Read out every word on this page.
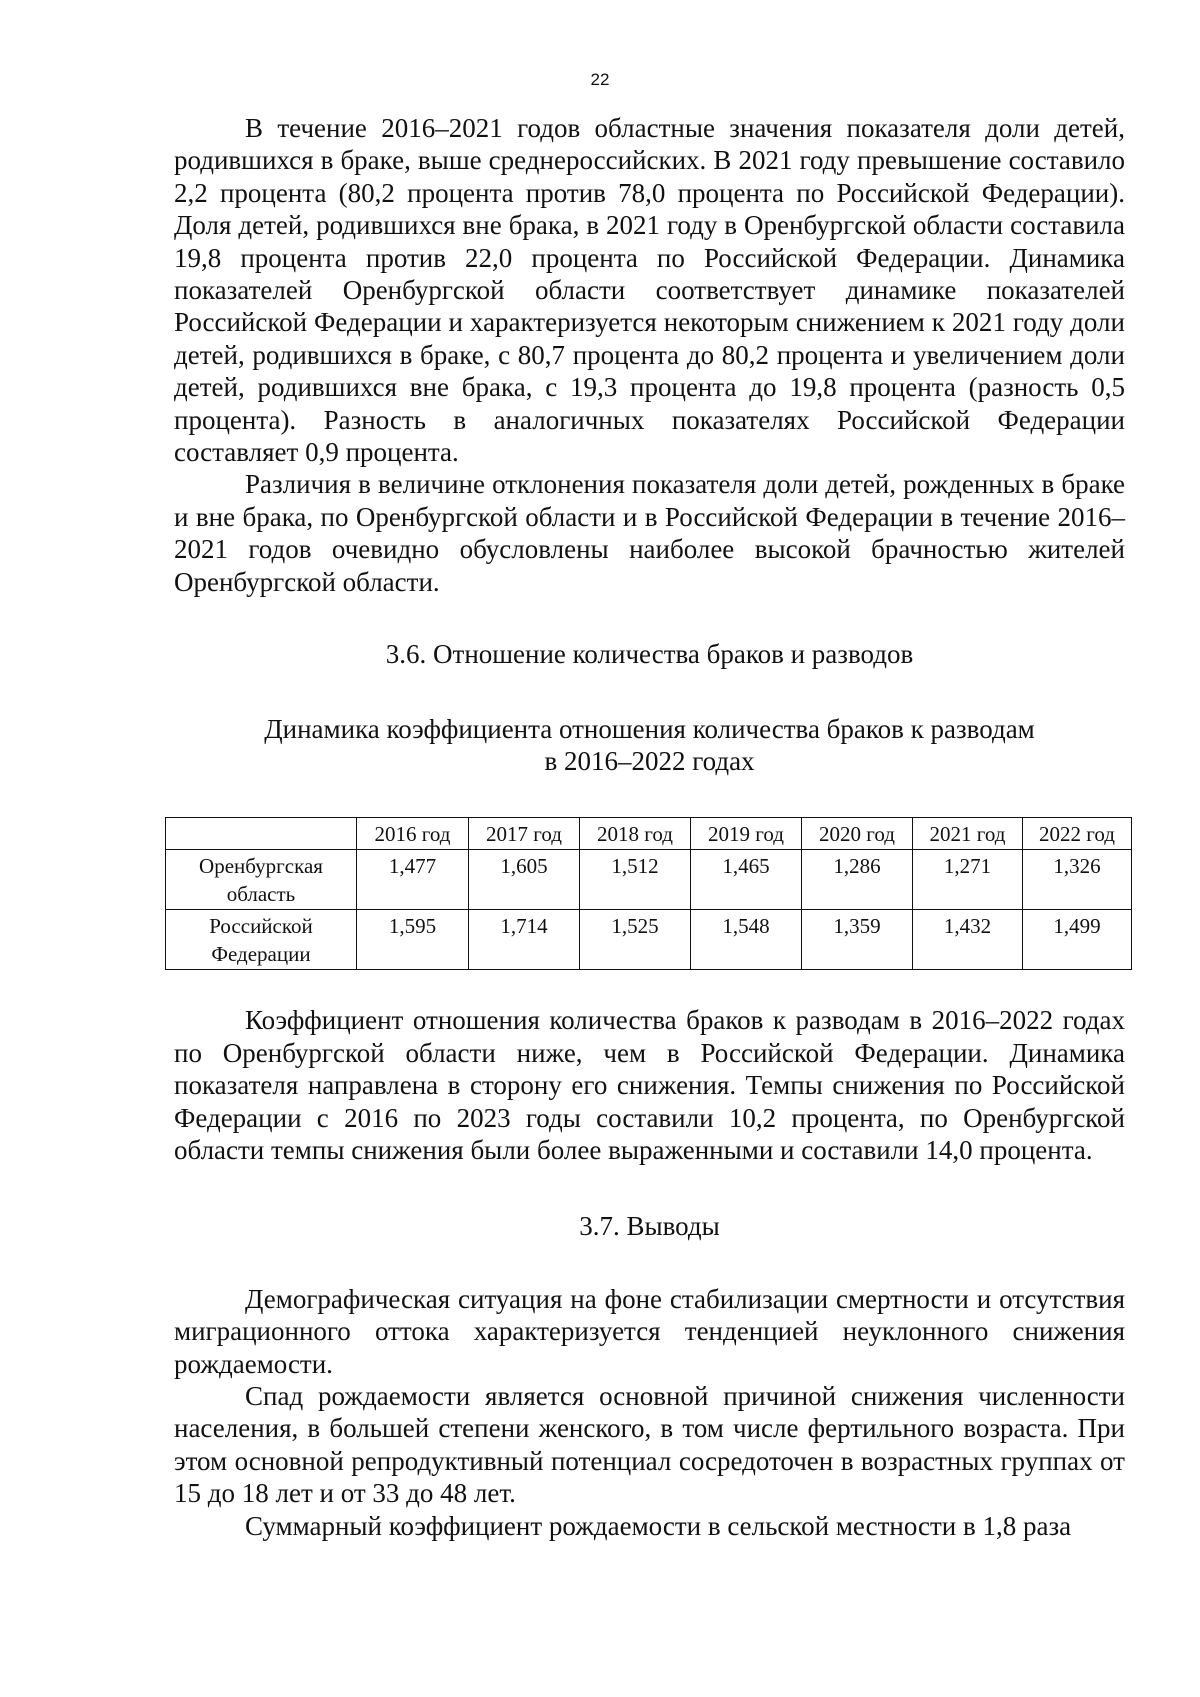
22

В течение 2016–2021 годов областные значения показателя доли детей, родившихся в браке, выше среднероссийских. В 2021 году превышение составило 2,2 процента (80,2 процента против 78,0 процента по Российской Федерации). Доля детей, родившихся вне брака, в 2021 году в Оренбургской области составила 19,8 процента против 22,0 процента по Российской Федерации. Динамика показателей Оренбургской области соответствует динамике показателей Российской Федерации и характеризуется некоторым снижением к 2021 году доли детей, родившихся в браке, с 80,7 процента до 80,2 процента и увеличением доли детей, родившихся вне брака, с 19,3 процента до 19,8 процента (разность 0,5 процента). Разность в аналогичных показателях Российской Федерации составляет 0,9 процента.

Различия в величине отклонения показателя доли детей, рожденных в браке и вне брака, по Оренбургской области и в Российской Федерации в течение 2016–2021 годов очевидно обусловлены наиболее высокой брачностью жителей Оренбургской области.

3.6. Отношение количества браков и разводов
Динамика коэффициента отношения количества браков к разводам
в 2016–2022 годах
	2016 год	2017 год	2018 год	2019 год	2020 год	2021 год	2022 год
Оренбургская область	1,477	1,605	1,512	1,465	1,286	1,271	1,326
Российской Федерации	1,595	1,714	1,525	1,548	1,359	1,432	1,499

Коэффициент отношения количества браков к разводам в 2016–2022 годах по Оренбургской области ниже, чем в Российской Федерации. Динамика показателя направлена в сторону его снижения. Темпы снижения по Российской Федерации с 2016 по 2023 годы составили 10,2 процента, по Оренбургской области темпы снижения были более выраженными и составили 14,0 процента.

3.7. Выводы

Демографическая ситуация на фоне стабилизации смертности и отсутствия миграционного оттока характеризуется тенденцией неуклонного снижения рождаемости.

Спад рождаемости является основной причиной снижения численности населения, в большей степени женского, в том числе фертильного возраста. При этом основной репродуктивный потенциал сосредоточен в возрастных группах от 15 до 18 лет и от 33 до 48 лет.

Суммарный коэффициент рождаемости в сельской местности в 1,8 раза
